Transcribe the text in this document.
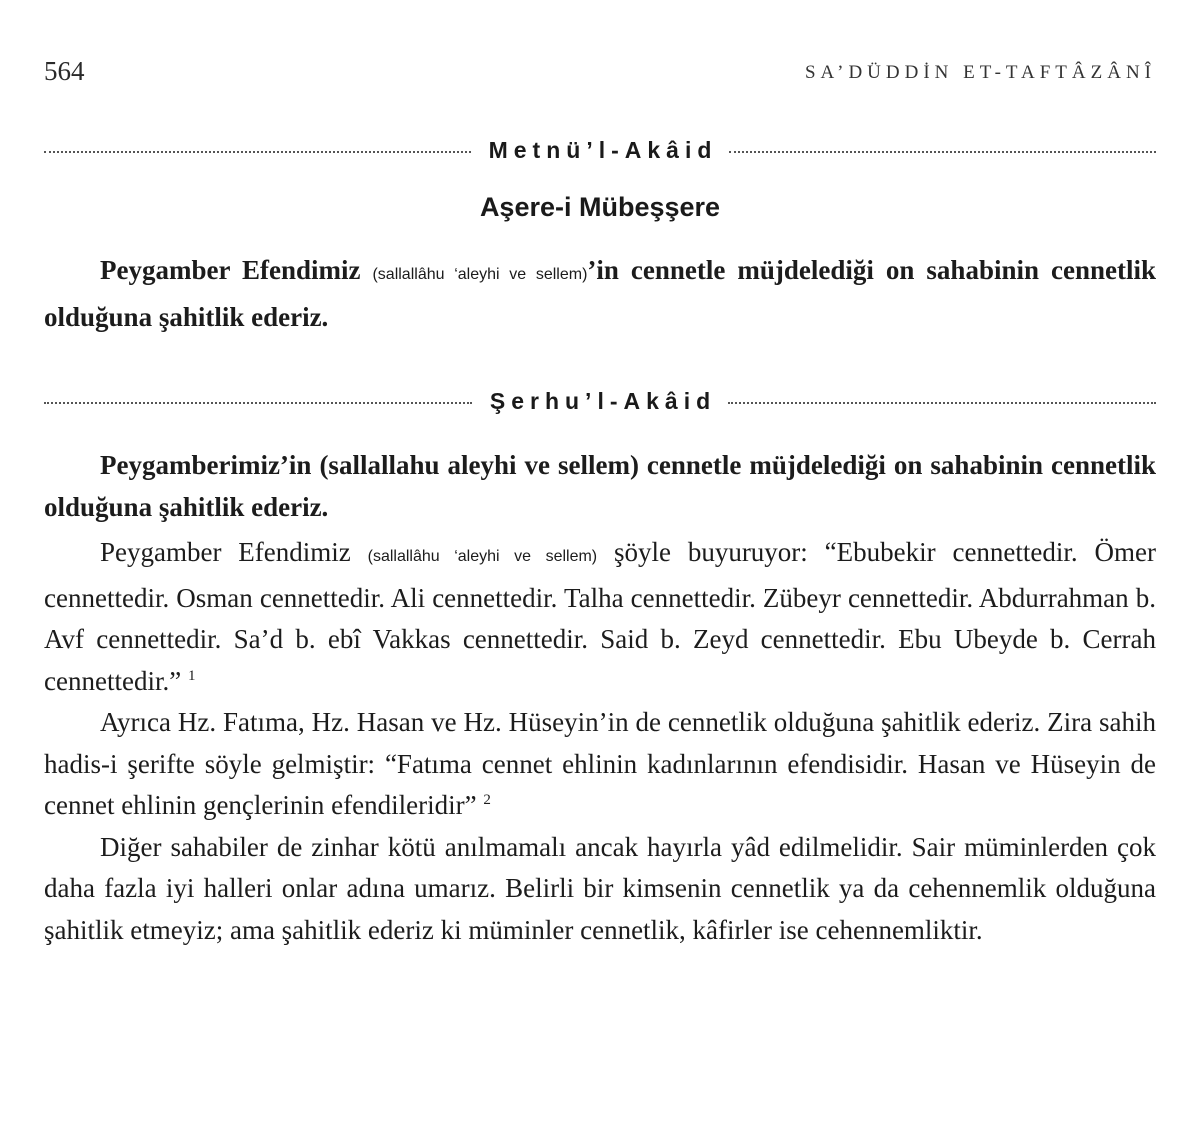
564	SA’DÜDDİN ET-TAFTÂZÂNÎ
Metnü’l-Akâid
Aşere-i Mübeşşere

Peygamber Efendimiz (sallallâhu ‘aleyhi ve sellem)’in cennetle müjdelediği on sahabinin cennetlik olduğuna şahitlik ederiz.

Şerhu’l-Akâid

Peygamberimiz’in (sallallahu aleyhi ve sellem) cennetle müjdelediği on sahabinin cennetlik olduğuna şahitlik ederiz.

Peygamber Efendimiz (sallallâhu ‘aleyhi ve sellem) şöyle buyuruyor: “Ebubekir cennettedir. Ömer cennettedir. Osman cennettedir. Ali cennettedir. Talha cennettedir. Zübeyr cennettedir. Abdurrahman b. Avf cennettedir. Sa’d b. ebî Vakkas cennettedir. Said b. Zeyd cennettedir. Ebu Ubeyde b. Cerrah cennettedir.” $^1$

Ayrıca Hz. Fatıma, Hz. Hasan ve Hz. Hüseyin’in de cennetlik olduğuna şahitlik ederiz. Zira sahih hadis-i şerifte söyle gelmiştir: “Fatıma cennet ehlinin kadınlarının efendisidir. Hasan ve Hüseyin de cennet ehlinin gençlerinin efendileridir” $^2$

Diğer sahabiler de zinhar kötü anılmamalı ancak hayırla yâd edilmelidir. Sair müminlerden çok daha fazla iyi halleri onlar adına umarız. Belirli bir kimsenin cennetlik ya da cehennemlik olduğuna şahitlik etmeyiz; ama şahitlik ederiz ki müminler cennetlik, kâfirler ise cehennemliktir.
